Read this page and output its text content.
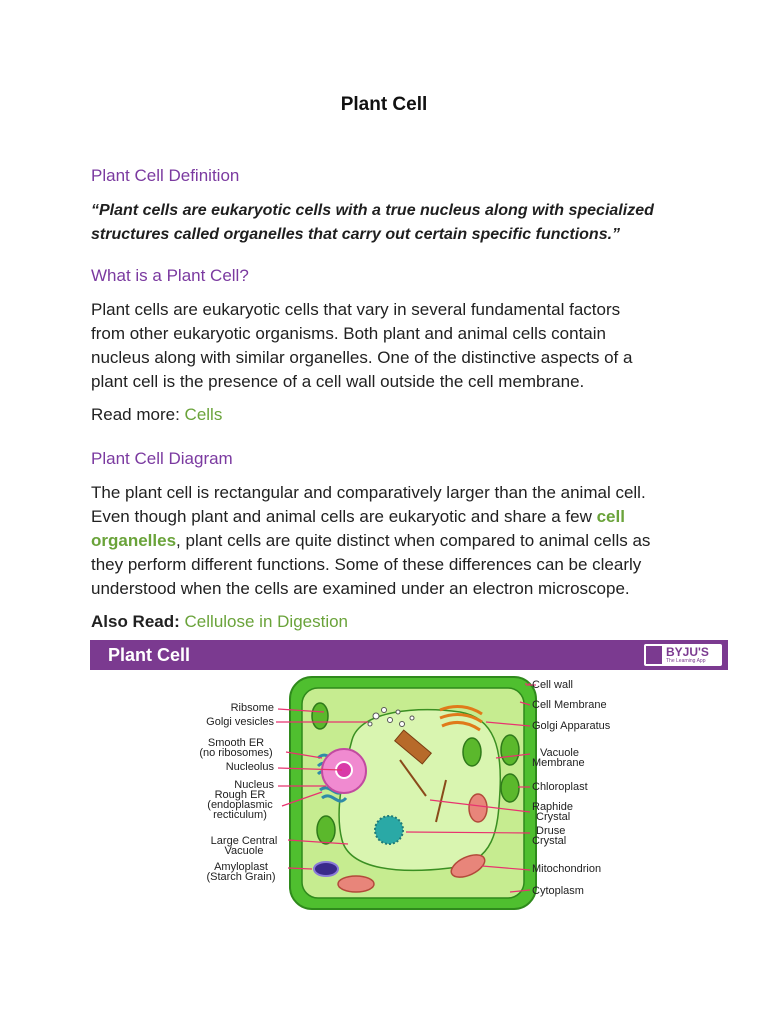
Plant Cell
Plant Cell Definition
“Plant cells are eukaryotic cells with a true nucleus along with specialized
structures called organelles that carry out certain specific functions.”
What is a Plant Cell?
Plant cells are eukaryotic cells that vary in several fundamental factors
from other eukaryotic organisms. Both plant and animal cells contain
nucleus along with similar organelles. One of the distinctive aspects of a
plant cell is the presence of a cell wall outside the cell membrane.
Read more: Cells
Plant Cell Diagram
The plant cell is rectangular and comparatively larger than the animal cell.
Even though plant and animal cells are eukaryotic and share a few cell
organelles, plant cells are quite distinct when compared to animal cells as
they perform different functions. Some of these differences can be clearly
understood when the cells are examined under an electron microscope.
Also Read: Cellulose in Digestion
Plant Cell	BYJU'S
The Learning App
Ribsome
Golgi vesicles
Smooth ER
(no ribosomes)
Nucleolus
Nucleus
Rough ER
(endoplasmic
recticulum)
Large Central
Vacuole
Amyloplast
(Starch Grain)
Cell wall
Cell Membrane
Golgi Apparatus
Vacuole
Membrane
Chloroplast
Raphide
Crystal
Druse
Crystal
Mitochondrion
Cytoplasm
